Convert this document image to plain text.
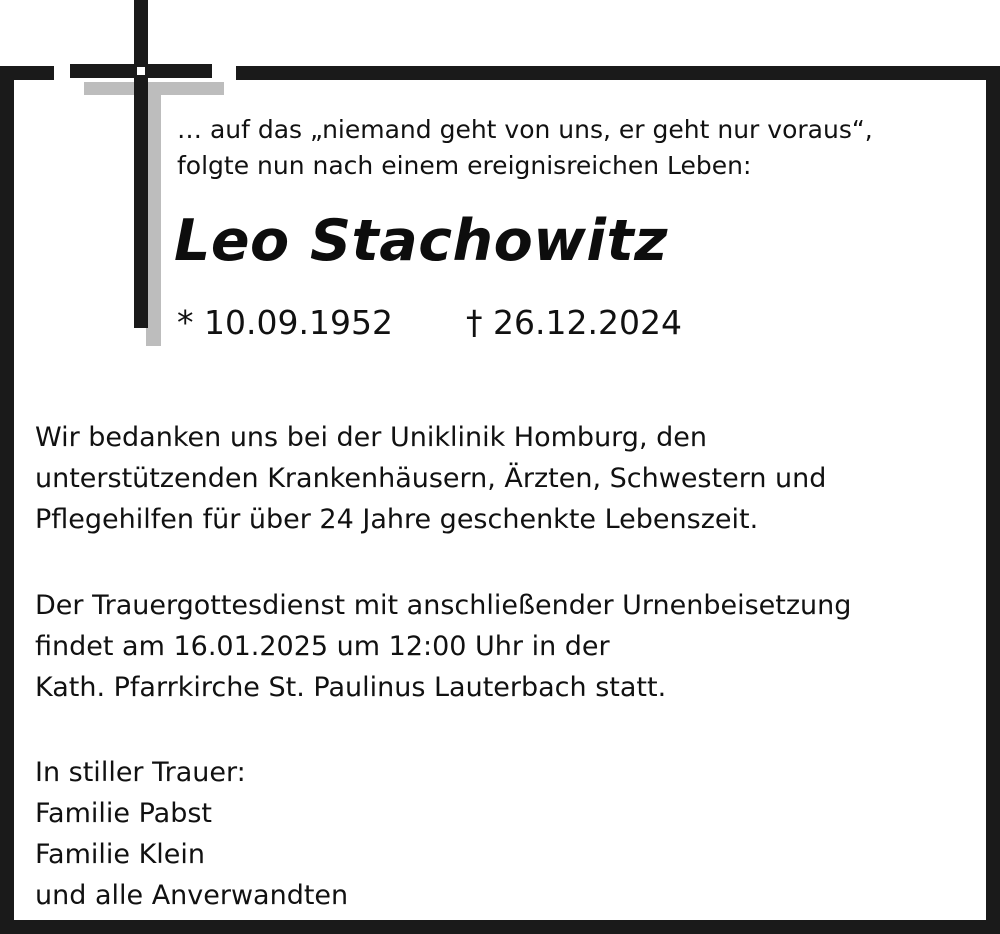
… auf das „niemand geht von uns, er geht nur voraus“,
folgte nun nach einem ereignisreichen Leben:
Leo Stachowitz
* 10.09.1952 † 26.12.2024
Wir bedanken uns bei der Uniklinik Homburg, den
unterstützenden Krankenhäusern, Ärzten, Schwestern und
Pflegehilfen für über 24 Jahre geschenkte Lebenszeit.
Der Trauergottesdienst mit anschließender Urnenbeisetzung
findet am 16.01.2025 um 12:00 Uhr in der
Kath. Pfarrkirche St. Paulinus Lauterbach statt.
In stiller Trauer:
Familie Pabst
Familie Klein
und alle Anverwandten
